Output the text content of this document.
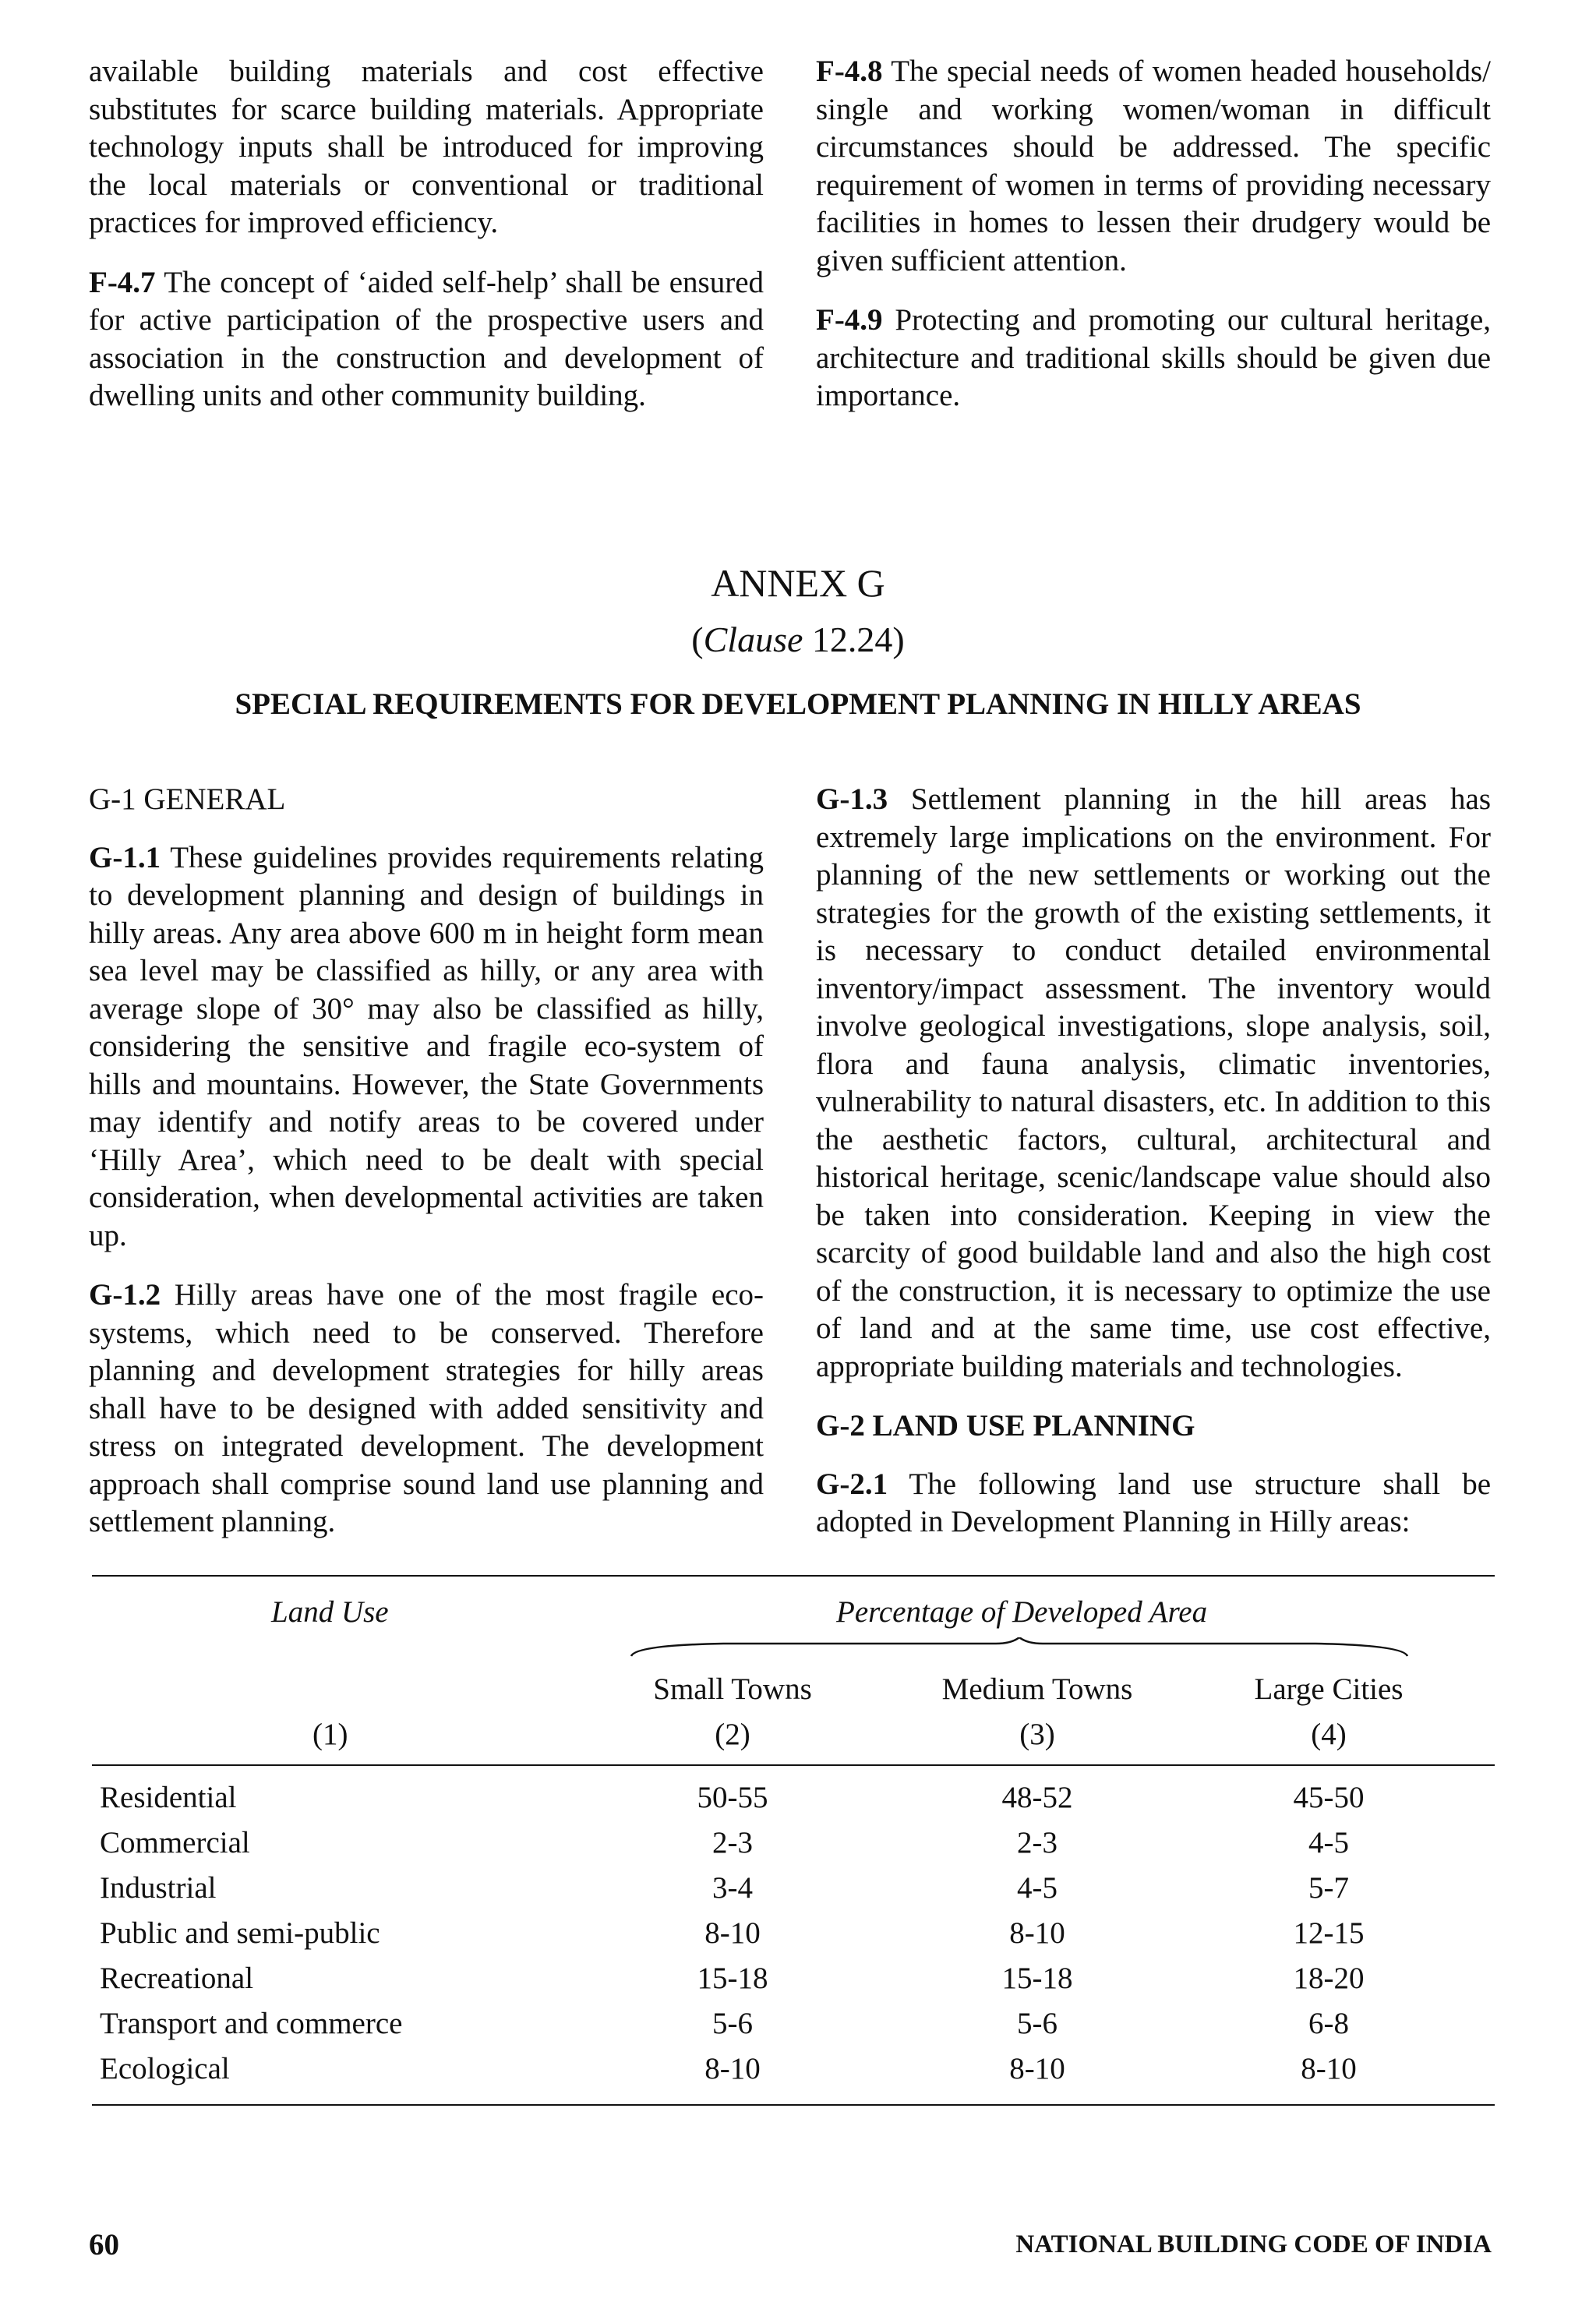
available building materials and cost effective substitutes for scarce building materials. Appropriate technology inputs shall be introduced for improving the local materials or conventional or traditional practices for improved efficiency.

F-4.7 The concept of ‘aided self-help’ shall be ensured for active participation of the prospective users and association in the construction and development of dwelling units and other community building.

F-4.8 The special needs of women headed households/ single and working women/woman in difficult circumstances should be addressed. The specific requirement of women in terms of providing necessary facilities in homes to lessen their drudgery would be given sufficient attention.

F-4.9 Protecting and promoting our cultural heritage, architecture and traditional skills should be given due importance.

ANNEX G
(Clause 12.24)
SPECIAL REQUIREMENTS FOR DEVELOPMENT PLANNING IN HILLY AREAS
G-1 GENERAL

G-1.1 These guidelines provides requirements relating to development planning and design of buildings in hilly areas. Any area above 600 m in height form mean sea level may be classified as hilly, or any area with average slope of 30° may also be classified as hilly, considering the sensitive and fragile eco-system of hills and mountains. However, the State Governments may identify and notify areas to be covered under ‘Hilly Area’, which need to be dealt with special consideration, when developmental activities are taken up.

G-1.2 Hilly areas have one of the most fragile eco-systems, which need to be conserved. Therefore planning and development strategies for hilly areas shall have to be designed with added sensitivity and stress on integrated development. The development approach shall comprise sound land use planning and settlement planning.

G-1.3 Settlement planning in the hill areas has extremely large implications on the environment. For planning of the new settlements or working out the strategies for the growth of the existing settlements, it is necessary to conduct detailed environmental inventory/impact assessment. The inventory would involve geological investigations, slope analysis, soil, flora and fauna analysis, climatic inventories, vulnerability to natural disasters, etc. In addition to this the aesthetic factors, cultural, architectural and historical heritage, scenic/landscape value should also be taken into consideration. Keeping in view the scarcity of good buildable land and also the high cost of the construction, it is necessary to optimize the use of land and at the same time, use cost effective, appropriate building materials and technologies.

G-2 LAND USE PLANNING

G-2.1 The following land use structure shall be adopted in Development Planning in Hilly areas:

Land Use	Percentage of Developed Area
Small Towns	Medium Towns	Large Cities
(1)	(2)	(3)	(4)
Residential	50-55	48-52	45-50
Commercial	2-3	2-3	4-5
Industrial	3-4	4-5	5-7
Public and semi-public	8-10	8-10	12-15
Recreational	15-18	15-18	18-20
Transport and commerce	5-6	5-6	6-8
Ecological	8-10	8-10	8-10
60	NATIONAL BUILDING CODE OF INDIA
